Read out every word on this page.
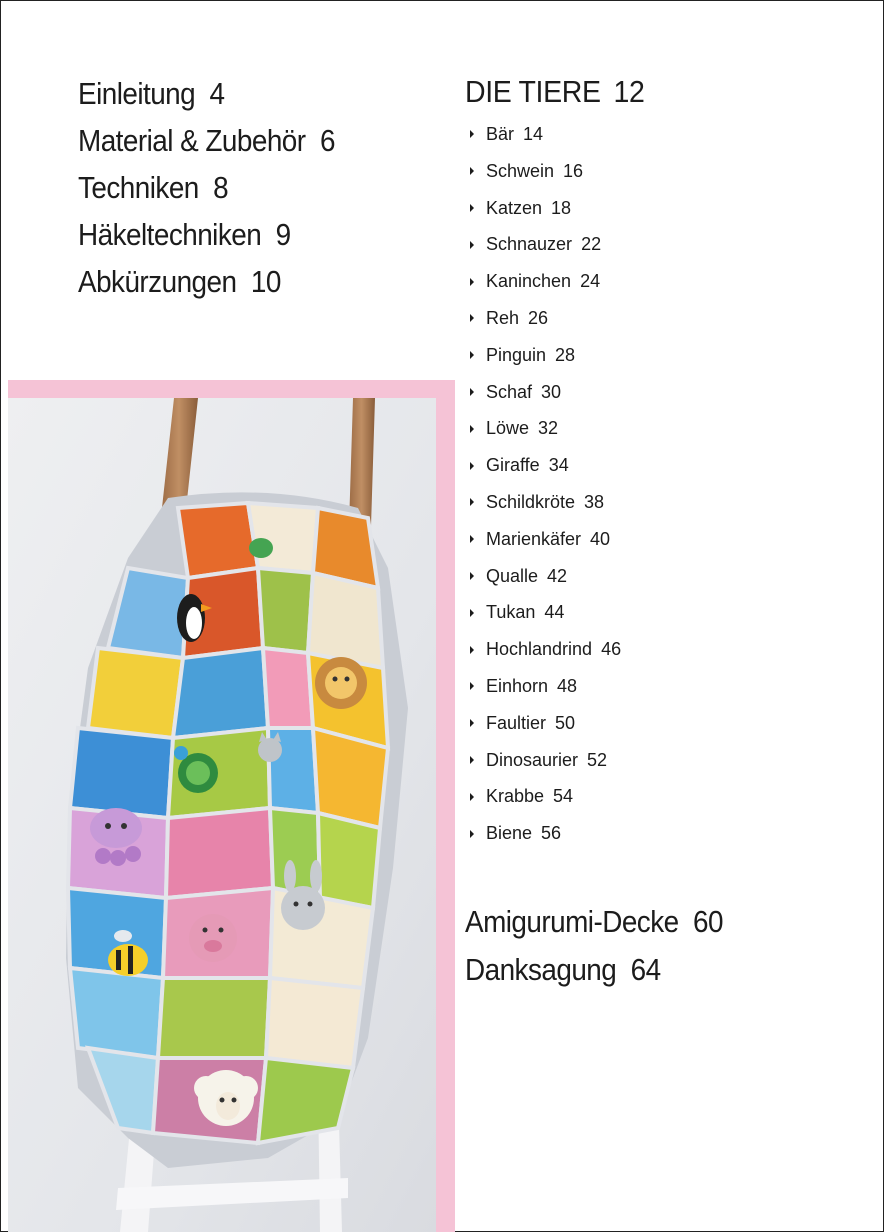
Einleitung 4
Material & Zubehör 6
Techniken 8
Häkeltechniken 9
Abkürzungen 10
DIE TIERE 12
Bär 14
Schwein 16
Katzen 18
Schnauzer 22
Kaninchen 24
Reh 26
Pinguin 28
Schaf 30
Löwe 32
Giraffe 34
Schildkröte 38
Marienkäfer 40
Qualle 42
Tukan 44
Hochlandrind 46
Einhorn 48
Faultier 50
Dinosaurier 52
Krabbe 54
Biene 56
Amigurumi-Decke 60
Danksagung 64
